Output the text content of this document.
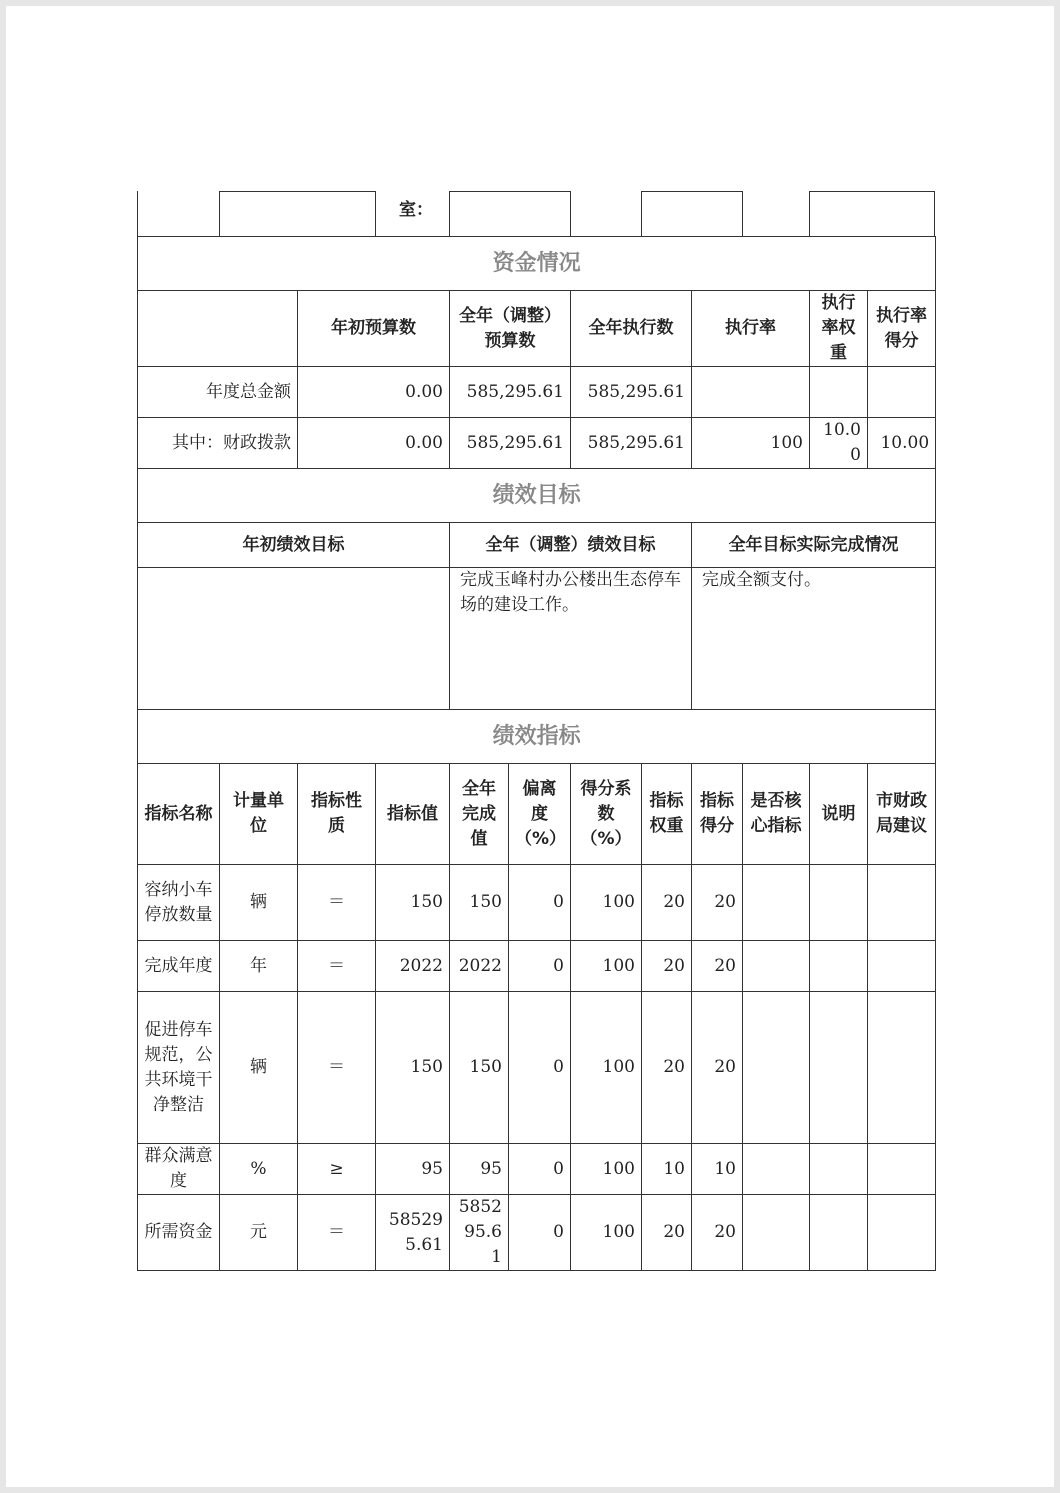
室：
资金情况											
		年初预算数		全年（调整）预算数		全年执行数		执行率		执行率权重	执行率得分
年度总金额		0.00		585,295.61		585,295.61					
其中：财政拨款		0.00		585,295.61		585,295.61		100		10.00	10.00
绩效目标											
年初绩效目标				全年（调整）绩效目标				全年目标实际完成情况			
				完成玉峰村办公楼出生态停车场的建设工作。				完成全额支付。			
绩效指标											
指标名称	计量单位	指标性质	指标值	全年完成值	偏离度（%）	得分系数（%）	指标权重	指标得分	是否核心指标	说明	市财政局建议
容纳小车停放数量	辆	＝	150	150	0	100	20	20			
完成年度	年	＝	2022	2022	0	100	20	20			
促进停车规范，公共环境干净整洁	辆	＝	150	150	0	100	20	20			
群众满意度	%	≥	95	95	0	100	10	10			
所需资金	元	＝	585295.61	585295.61	0	100	20	20			
